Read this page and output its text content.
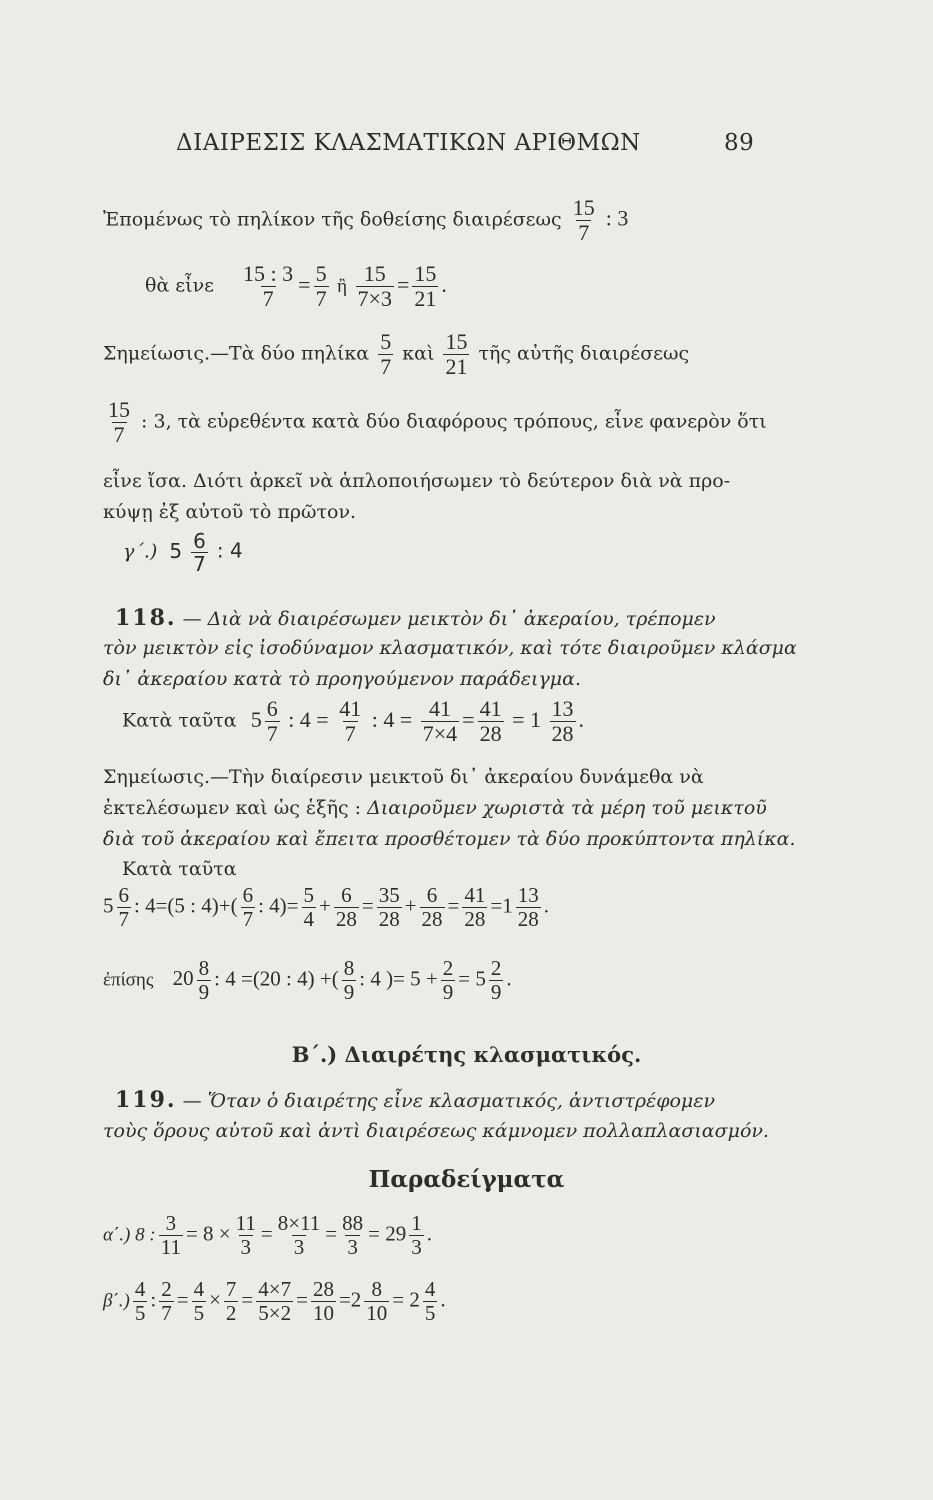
ΔΙΑΙΡΕΣΙΣ ΚΛΑΣΜΑΤΙΚΩΝ ΑΡΙΘΜΩΝ	89
Ἐπομένως τὸ πηλίκον τῆς δοθείσης διαιρέσεως $\frac{15}{7}$ : 3
θὰ εἶνε $\frac{15 : 3}{7} = \frac{5}{7}$ ἢ $\frac{15}{7\times 3} = \frac{15}{21}$ .
Σημείωσις.—Τὰ δύο πηλίκα $\frac{5}{7}$ καὶ $\frac{15}{21}$ τῆς αὐτῆς διαιρέσεως
$\frac{15}{7}$ : 3, τὰ εὑρεθέντα κατὰ δύο διαφόρους τρόπους, εἶνε φανερὸν ὅτι
εἶνε ἴσα. Διότι ἀρκεῖ νὰ ἁπλοποιήσωμεν τὸ δεύτερον διὰ νὰ προ-
κύψῃ ἐξ αὐτοῦ τὸ πρῶτον.
γ΄.) $5 \frac{6}{7}$ : 4
118. — Διὰ νὰ διαιρέσωμεν μεικτὸν δι᾽ ἀκεραίου, τρέπομεν
τὸν μεικτὸν εἰς ἰσοδύναμον κλασματικόν, καὶ τότε διαιροῦμεν κλάσμα
δι᾽ ἀκεραίου κατὰ τὸ προηγούμενον παράδειγμα.
Κατὰ ταῦτα $5 \frac{6}{7}$ : $4 = \frac{41}{7}$ : $4 = \frac{41}{7\times 4} = \frac{41}{28} = 1 \frac{13}{28}$ .
Σημείωσις.—Τὴν διαίρεσιν μεικτοῦ δι᾽ ἀκεραίου δυνάμεθα νὰ
ἐκτελέσωμεν καὶ ὡς ἑξῆς : Διαιροῦμεν χωριστὰ τὰ μέρη τοῦ μεικτοῦ
διὰ τοῦ ἀκεραίου καὶ ἔπειτα προσθέτομεν τὰ δύο προκύπτοντα πηλίκα.
Κατὰ ταῦτα
$5 \frac{6}{7}$ : 4=(5 : $4)+( \frac{6}{7}$ : $4)= \frac{5}{4} + \frac{6}{28} = \frac{35}{28} + \frac{6}{28} = \frac{41}{28} =1 \frac{13}{28}$ .
ἐπίσης $20 \frac{8}{9}$ : 4 =(20 : 4) +( $\frac{8}{9}$ : 4 )= $5 + \frac{2}{9} = 5 \frac{2}{9}$ .
Β΄.) Διαιρέτης κλασματικός.
119. — Ὅταν ὁ διαιρέτης εἶνε κλασματικός, ἀντιστρέφομεν
τοὺς ὅρους αὐτοῦ καὶ ἀντὶ διαιρέσεως κάμνομεν πολλαπλασιασμόν.
Παραδείγματα
α΄.) 8 : $\frac{3}{11} = 8 \times \frac{11}{3} = \frac{8\times 11}{3} = \frac{88}{3} = 29 \frac{1}{3}$ .
$\beta΄.) \frac{4}{5}$ : $\frac{2}{7} = \frac{4}{5} \times \frac{7}{2} = \frac{4\times 7}{5\times 2} = \frac{28}{10} =2 \frac{8}{10} = 2 \frac{4}{5}$ .
